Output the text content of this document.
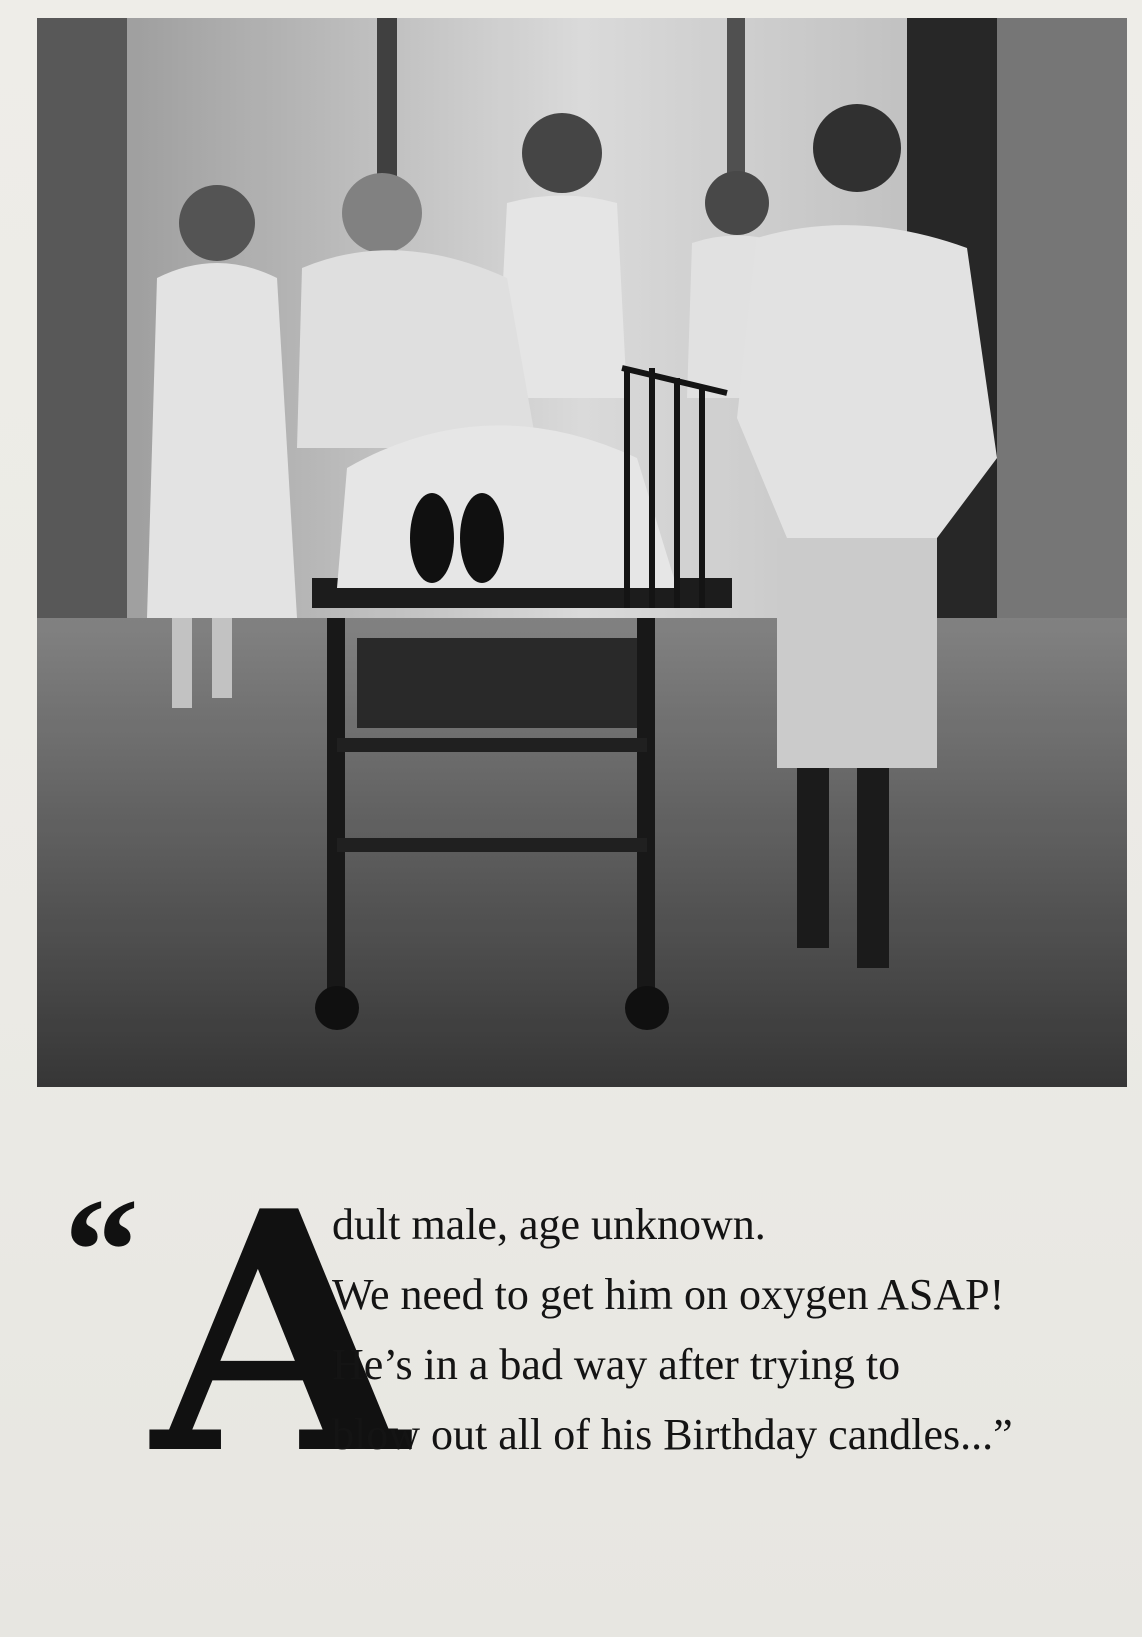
“ A
dult male, age unknown.
We need to get him on oxygen ASAP!
He’s in a bad way after trying to
blow out all of his Birthday candles...”
